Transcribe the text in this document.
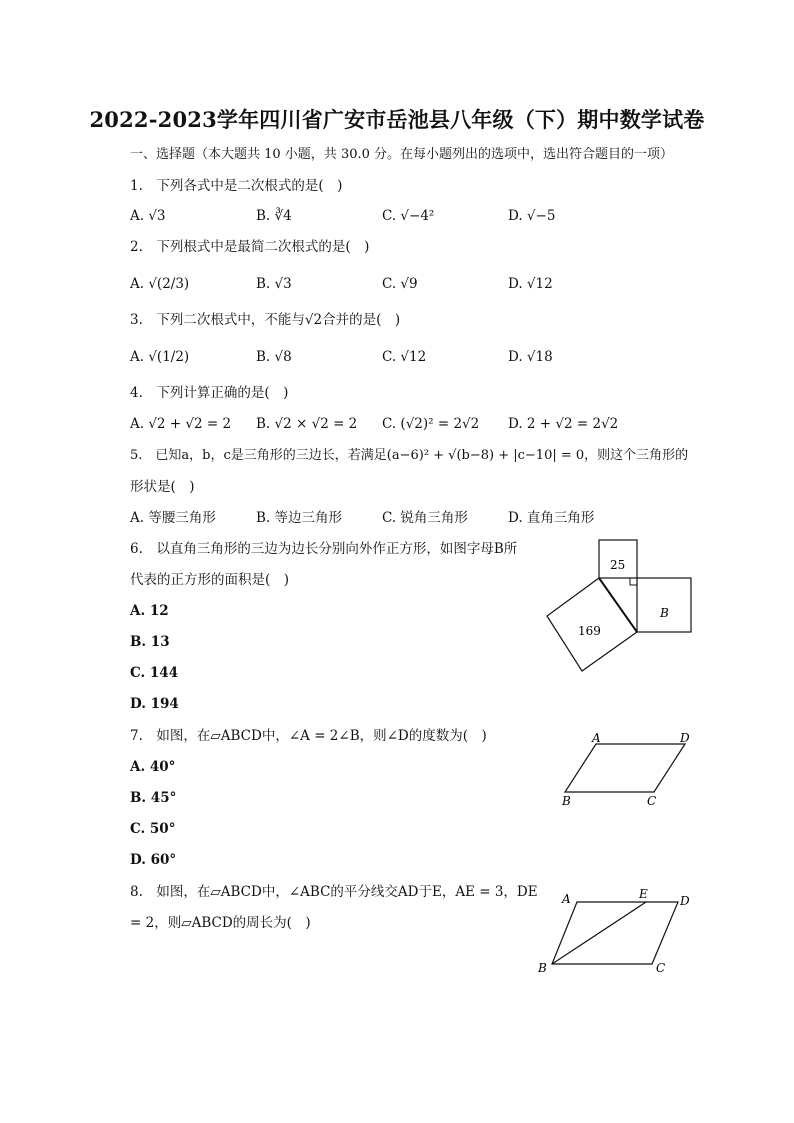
2022-2023学年四川省广安市岳池县八年级（下）期中数学试卷
一、选择题（本大题共 10 小题，共 30.0 分。在每小题列出的选项中，选出符合题目的一项）
1.　下列各式中是二次根式的是(　)
A. √3	B. ∛4	C. √−4²	D. √−5
2.　下列根式中是最简二次根式的是(　)
A. √(2/3)	B. √3	C. √9	D. √12
3.　下列二次根式中，不能与√2合并的是(　)
A. √(1/2)	B. √8	C. √12	D. √18
4.　下列计算正确的是(　)
A. √2 + √2 = 2 B. √2 × √2 = 2 C. (√2)² = 2√2 D. 2 + √2 = 2√2
5.　已知a，b，c是三角形的三边长，若满足(a−6)² + √(b−8) + |c−10| = 0，则这个三角形的
形状是(　)
A. 等腰三角形	B. 等边三角形	C. 锐角三角形	D. 直角三角形
6.　以直角三角形的三边为边长分别向外作正方形，如图字母B所
代表的正方形的面积是(　)
A. 12
B. 13
C. 144
D. 194
25
169
B
7.　如图，在▱ABCD中，∠A = 2∠B，则∠D的度数为(　)
A. 40°
B. 45°
C. 50°
D. 60°
A	D
B	C
8.　如图，在▱ABCD中，∠ABC的平分线交AD于E，AE = 3，DE
= 2，则▱ABCD的周长为(　)
A	E	D
B	C
